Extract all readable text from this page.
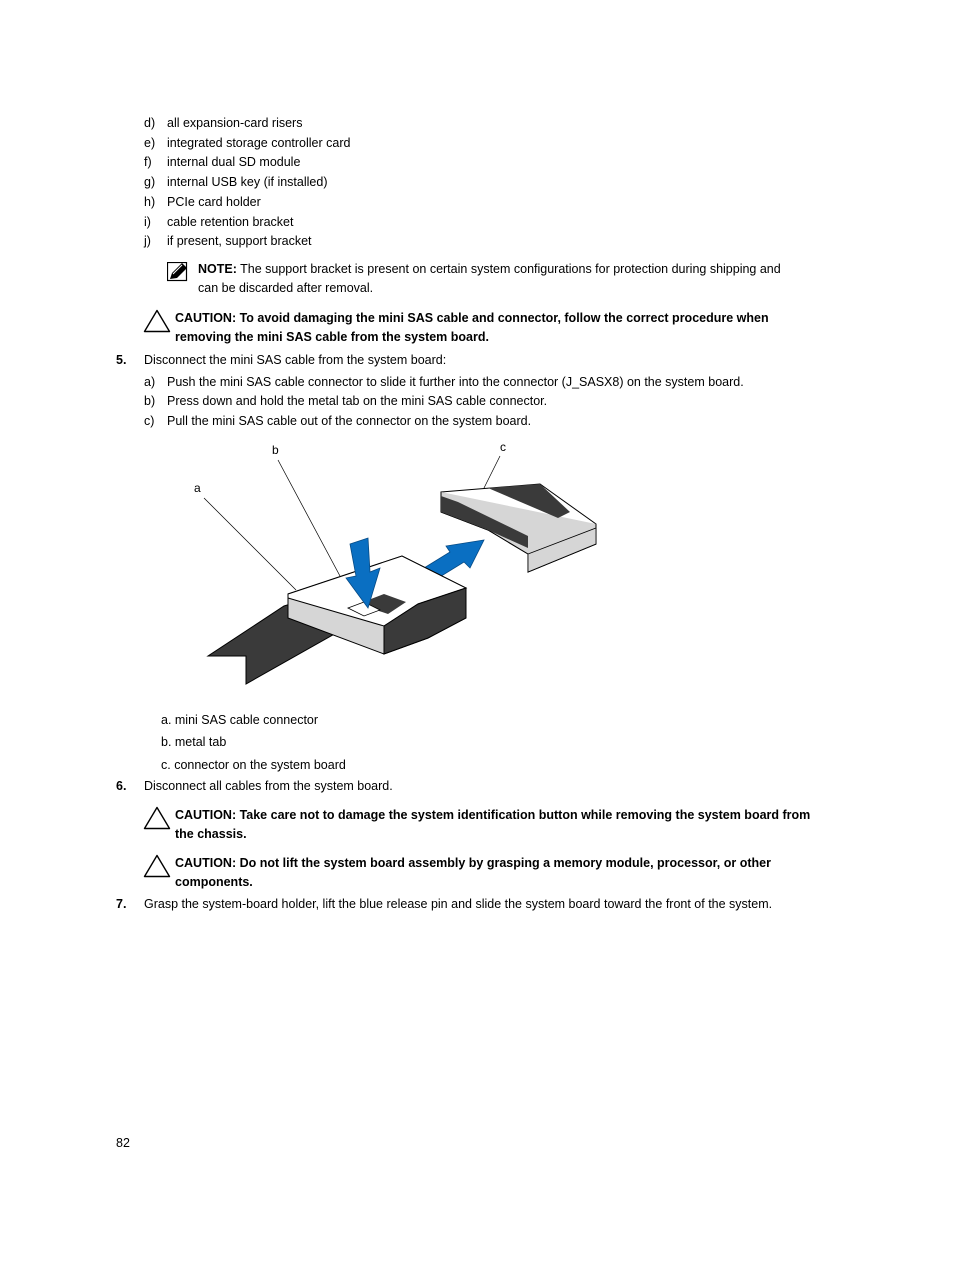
d) all expansion-card risers
e) integrated storage controller card
f) internal dual SD module
g) internal USB key (if installed)
h) PCIe card holder
i) cable retention bracket
j) if present, support bracket
NOTE: The support bracket is present on certain system configurations for protection during shipping and
can be discarded after removal.
CAUTION: To avoid damaging the mini SAS cable and connector, follow the correct procedure when
removing the mini SAS cable from the system board.
5. Disconnect the mini SAS cable from the system board:
a) Push the mini SAS cable connector to slide it further into the connector (J_SASX8) on the system board.
b) Press down and hold the metal tab on the mini SAS cable connector.
c) Pull the mini SAS cable out of the connector on the system board.
b	c
a
a. mini SAS cable connector
b. metal tab
c. connector on the system board
6. Disconnect all cables from the system board.
CAUTION: Take care not to damage the system identification button while removing the system board from
the chassis.
CAUTION: Do not lift the system board assembly by grasping a memory module, processor, or other
components.
7. Grasp the system-board holder, lift the blue release pin and slide the system board toward the front of the system.
82
